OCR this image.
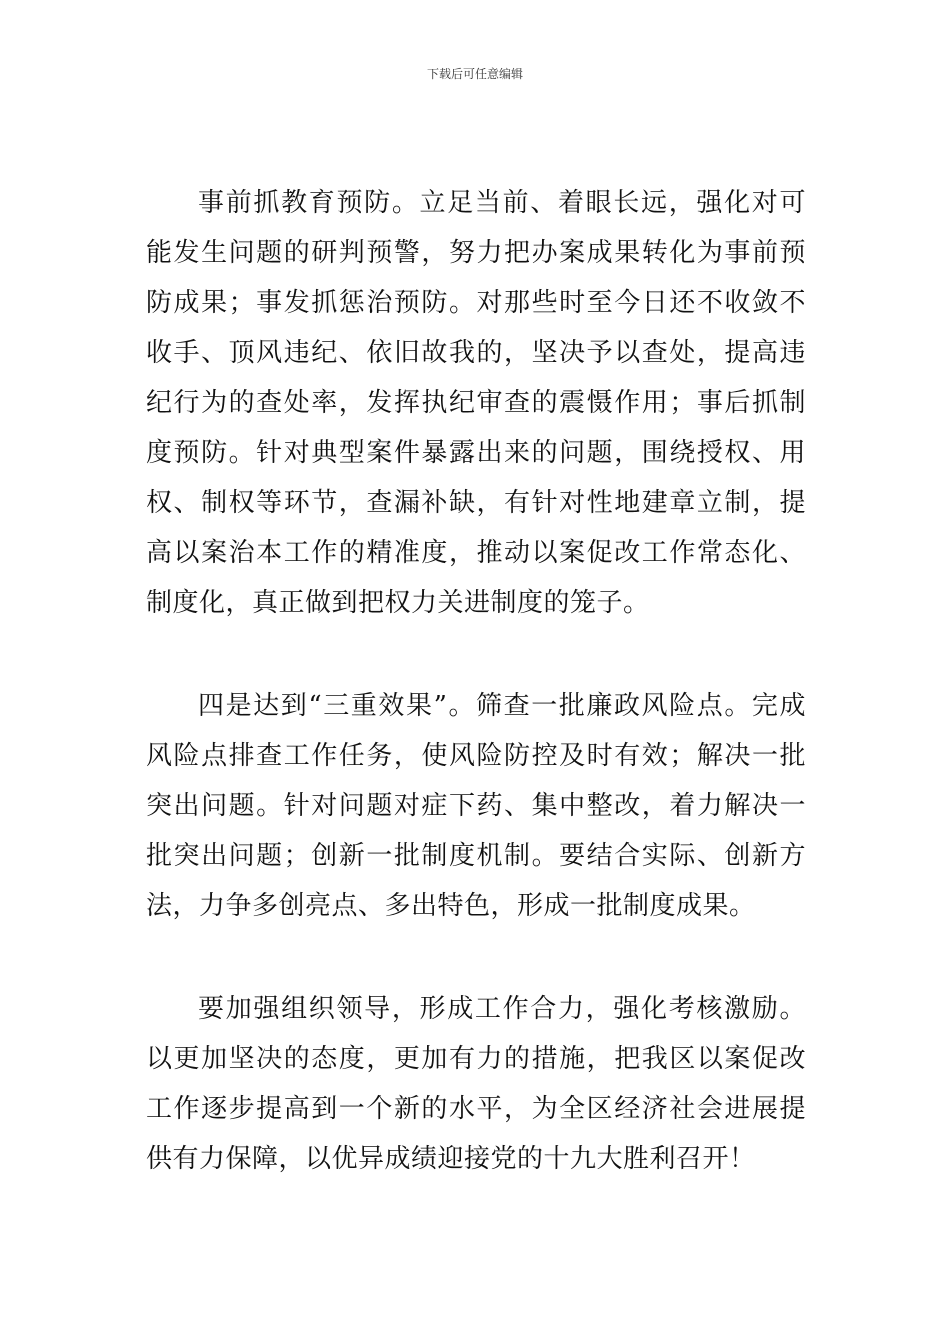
下载后可任意编辑

事前抓教育预防。立足当前、着眼长远，强化对可能发生问题的研判预警，努力把办案成果转化为事前预防成果；事发抓惩治预防。对那些时至今日还不收敛不收手、顶风违纪、依旧故我的，坚决予以查处，提高违纪行为的查处率，发挥执纪审查的震慑作用；事后抓制度预防。针对典型案件暴露出来的问题，围绕授权、用权、制权等环节，查漏补缺，有针对性地建章立制，提高以案治本工作的精准度，推动以案促改工作常态化、制度化，真正做到把权力关进制度的笼子。

四是达到“三重效果”。筛查一批廉政风险点。完成风险点排查工作任务，使风险防控及时有效；解决一批突出问题。针对问题对症下药、集中整改，着力解决一批突出问题；创新一批制度机制。要结合实际、创新方法，力争多创亮点、多出特色，形成一批制度成果。

要加强组织领导，形成工作合力，强化考核激励。以更加坚决的态度，更加有力的措施，把我区以案促改工作逐步提高到一个新的水平，为全区经济社会进展提供有力保障，以优异成绩迎接党的十九大胜利召开！
